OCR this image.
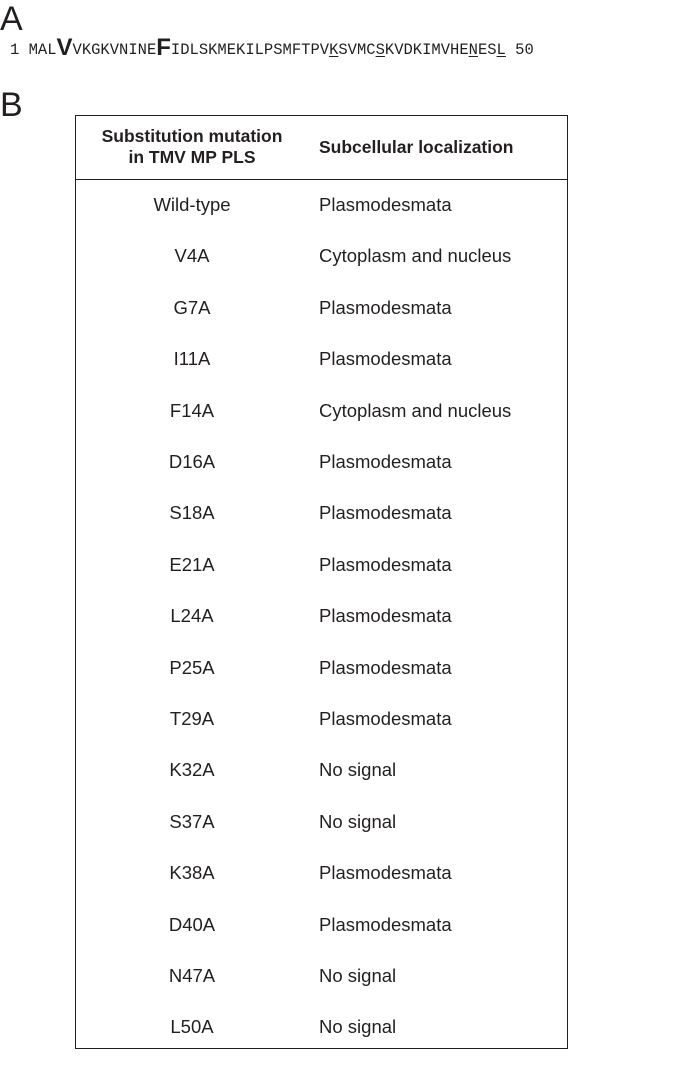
A
1 MALVVKGKVNINEFIDLSKMEKILPSMFTPVKSVMCSKVDKIMVHENESL 50
B
Substitution mutation
in TMV MP PLS	Subcellular localization
Wild-type	Plasmodesmata
V4A	Cytoplasm and nucleus
G7A	Plasmodesmata
I11A	Plasmodesmata
F14A	Cytoplasm and nucleus
D16A	Plasmodesmata
S18A	Plasmodesmata
E21A	Plasmodesmata
L24A	Plasmodesmata
P25A	Plasmodesmata
T29A	Plasmodesmata
K32A	No signal
S37A	No signal
K38A	Plasmodesmata
D40A	Plasmodesmata
N47A	No signal
L50A	No signal
